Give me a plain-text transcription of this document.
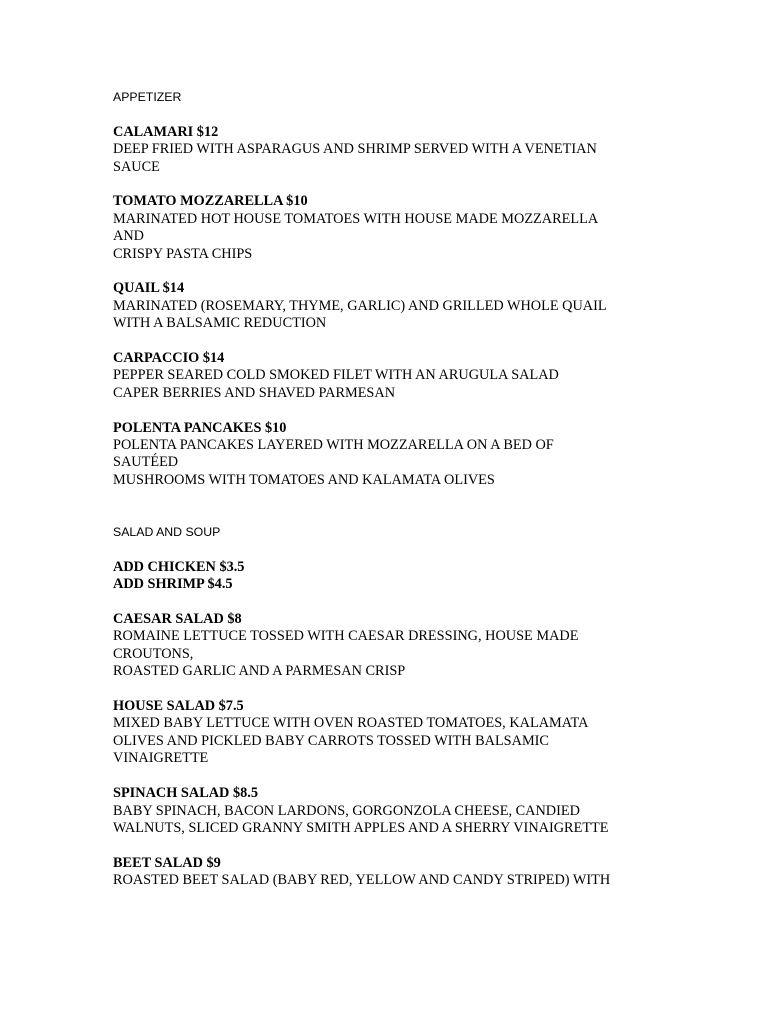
APPETIZER

CALAMARI $12
DEEP FRIED WITH ASPARAGUS AND SHRIMP SERVED WITH A VENETIAN
SAUCE
TOMATO MOZZARELLA $10
MARINATED HOT HOUSE TOMATOES WITH HOUSE MADE MOZZARELLA
AND
CRISPY PASTA CHIPS
QUAIL $14
MARINATED (ROSEMARY, THYME, GARLIC) AND GRILLED WHOLE QUAIL
WITH A BALSAMIC REDUCTION
CARPACCIO $14
PEPPER SEARED COLD SMOKED FILET WITH AN ARUGULA SALAD
CAPER BERRIES AND SHAVED PARMESAN
POLENTA PANCAKES $10
POLENTA PANCAKES LAYERED WITH MOZZARELLA ON A BED OF
SAUTÉED
MUSHROOMS WITH TOMATOES AND KALAMATA OLIVES

SALAD AND SOUP

ADD CHICKEN $3.5
ADD SHRIMP $4.5
CAESAR SALAD $8
ROMAINE LETTUCE TOSSED WITH CAESAR DRESSING, HOUSE MADE
CROUTONS,
ROASTED GARLIC AND A PARMESAN CRISP
HOUSE SALAD $7.5
MIXED BABY LETTUCE WITH OVEN ROASTED TOMATOES, KALAMATA
OLIVES AND PICKLED BABY CARROTS TOSSED WITH BALSAMIC
VINAIGRETTE
SPINACH SALAD $8.5
BABY SPINACH, BACON LARDONS, GORGONZOLA CHEESE, CANDIED
WALNUTS, SLICED GRANNY SMITH APPLES AND A SHERRY VINAIGRETTE
BEET SALAD $9
ROASTED BEET SALAD (BABY RED, YELLOW AND CANDY STRIPED) WITH
